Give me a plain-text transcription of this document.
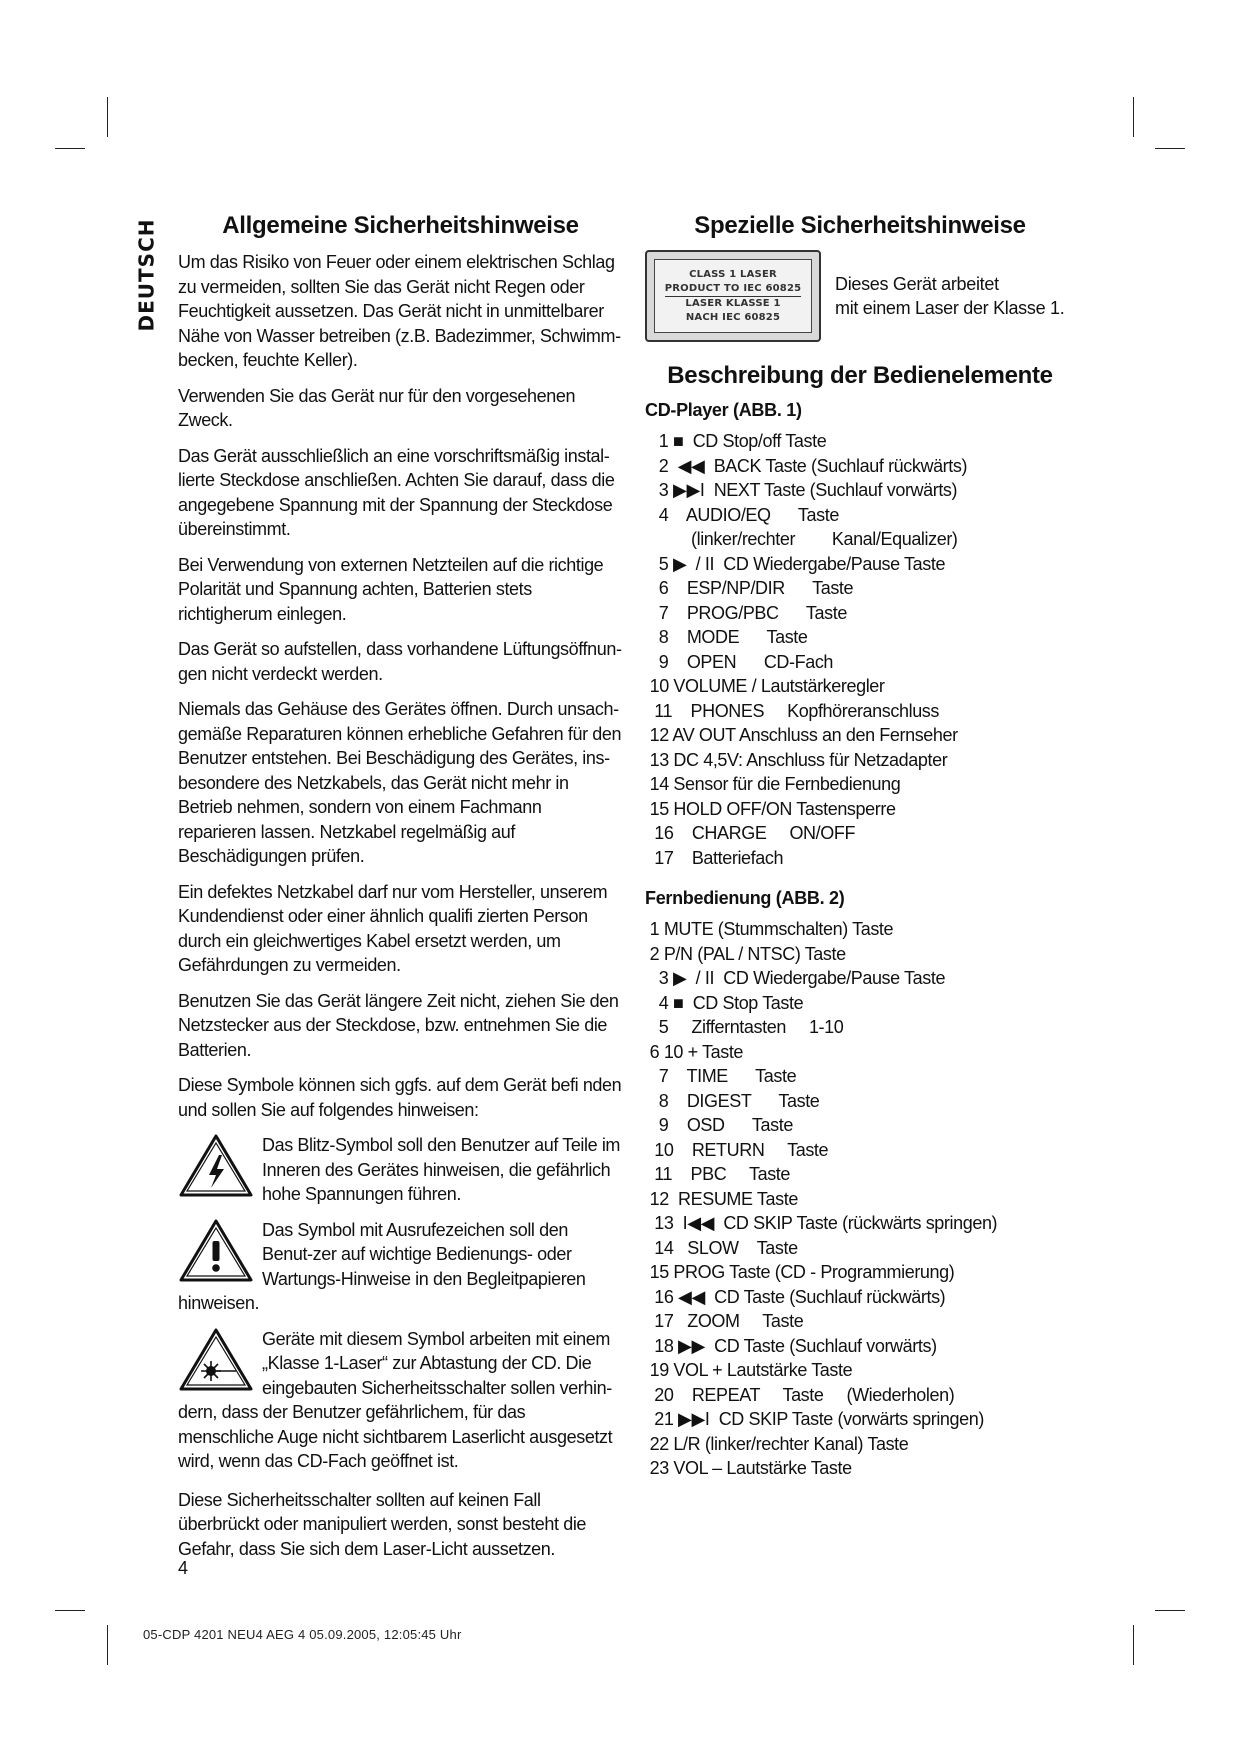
DEUTSCH	Allgemeine Sicherheitshinweise

Um das Risiko von Feuer oder einem elektrischen Schlag zu vermeiden, sollten Sie das Gerät nicht Regen oder Feuchtigkeit aussetzen. Das Gerät nicht in unmittelbarer Nähe von Wasser betreiben (z.B. Badezimmer, Schwimm-becken, feuchte Keller).

Verwenden Sie das Gerät nur für den vorgesehenen Zweck.

Das Gerät ausschließlich an eine vorschriftsmäßig instal-lierte Steckdose anschließen. Achten Sie darauf, dass die angegebene Spannung mit der Spannung der Steckdose übereinstimmt.

Bei Verwendung von externen Netzteilen auf die richtige Polarität und Spannung achten, Batterien stets richtigherum einlegen.

Das Gerät so aufstellen, dass vorhandene Lüftungsöffnun-gen nicht verdeckt werden.

Niemals das Gehäuse des Gerätes öffnen. Durch unsach-gemäße Reparaturen können erhebliche Gefahren für den Benutzer entstehen. Bei Beschädigung des Gerätes, ins-besondere des Netzkabels, das Gerät nicht mehr in Betrieb nehmen, sondern von einem Fachmann reparieren lassen. Netzkabel regelmäßig auf Beschädigungen prüfen.

Ein defektes Netzkabel darf nur vom Hersteller, unserem Kundendienst oder einer ähnlich qualifi zierten Person durch ein gleichwertiges Kabel ersetzt werden, um Gefährdungen zu vermeiden.

Benutzen Sie das Gerät längere Zeit nicht, ziehen Sie den Netzstecker aus der Steckdose, bzw. entnehmen Sie die Batterien.

Diese Symbole können sich ggfs. auf dem Gerät befi nden und sollen Sie auf folgendes hinweisen:

Das Blitz-Symbol soll den Benutzer auf Teile im Inneren des Gerätes hinweisen, die gefährlich hohe Spannungen führen.

Das Symbol mit Ausrufezeichen soll den Benut-zer auf wichtige Bedienungs- oder Wartungs-Hinweise in den Begleitpapieren hinweisen.

Geräte mit diesem Symbol arbeiten mit einem „Klasse 1-Laser“ zur Abtastung der CD. Die eingebauten Sicherheitsschalter sollen verhin-dern, dass der Benutzer gefährlichem, für das menschliche Auge nicht sichtbarem Laserlicht ausgesetzt wird, wenn das CD-Fach geöffnet ist.

Diese Sicherheitsschalter sollten auf keinen Fall überbrückt oder manipuliert werden, sonst besteht die Gefahr, dass Sie sich dem Laser-Licht aussetzen.

Spezielle Sicherheitshinweise
CLASS 1 LASER
PRODUCT TO IEC 60825
LASER KLASSE 1
NACH IEC 60825
Dieses Gerät arbeitet
mit einem Laser der Klasse 1.
Beschreibung der Bedienelemente
CD-Player (ABB. 1)
1 ■  CD Stop/off Taste
2  ◀◀  BACK Taste (Suchlauf rückwärts)
3 ▶▶I  NEXT Taste (Suchlauf vorwärts)
4    AUDIO/EQ      Taste
(linker/rechter        Kanal/Equalizer)
5 ▶  / II  CD Wiedergabe/Pause Taste
6    ESP/NP/DIR      Taste
7    PROG/PBC      Taste
8    MODE      Taste
9    OPEN      CD-Fach
10 VOLUME / Lautstärkeregler
11    PHONES     Kopfhöreranschluss
12 AV OUT Anschluss an den Fernseher
13 DC 4,5V: Anschluss für Netzadapter
14 Sensor für die Fernbedienung
15 HOLD OFF/ON Tastensperre
16    CHARGE     ON/OFF
17    Batteriefach
Fernbedienung (ABB. 2)
1 MUTE (Stummschalten) Taste
2 P/N (PAL / NTSC) Taste
3 ▶  / II  CD Wiedergabe/Pause Taste
4 ■  CD Stop Taste
5     Zifferntasten     1-10
6 10 + Taste
7    TIME      Taste
8    DIGEST      Taste
9    OSD      Taste
10    RETURN     Taste
11    PBC     Taste
12  RESUME Taste
13  I◀◀  CD SKIP Taste (rückwärts springen)
14   SLOW    Taste
15 PROG Taste (CD - Programmierung)
16 ◀◀  CD Taste (Suchlauf rückwärts)
17   ZOOM     Taste
18 ▶▶  CD Taste (Suchlauf vorwärts)
19 VOL + Lautstärke Taste
20    REPEAT     Taste     (Wiederholen)
21 ▶▶I  CD SKIP Taste (vorwärts springen)
22 L/R (linker/rechter Kanal) Taste
23 VOL – Lautstärke Taste
4
05-CDP 4201 NEU4 AEG 4 05.09.2005, 12:05:45 Uhr
